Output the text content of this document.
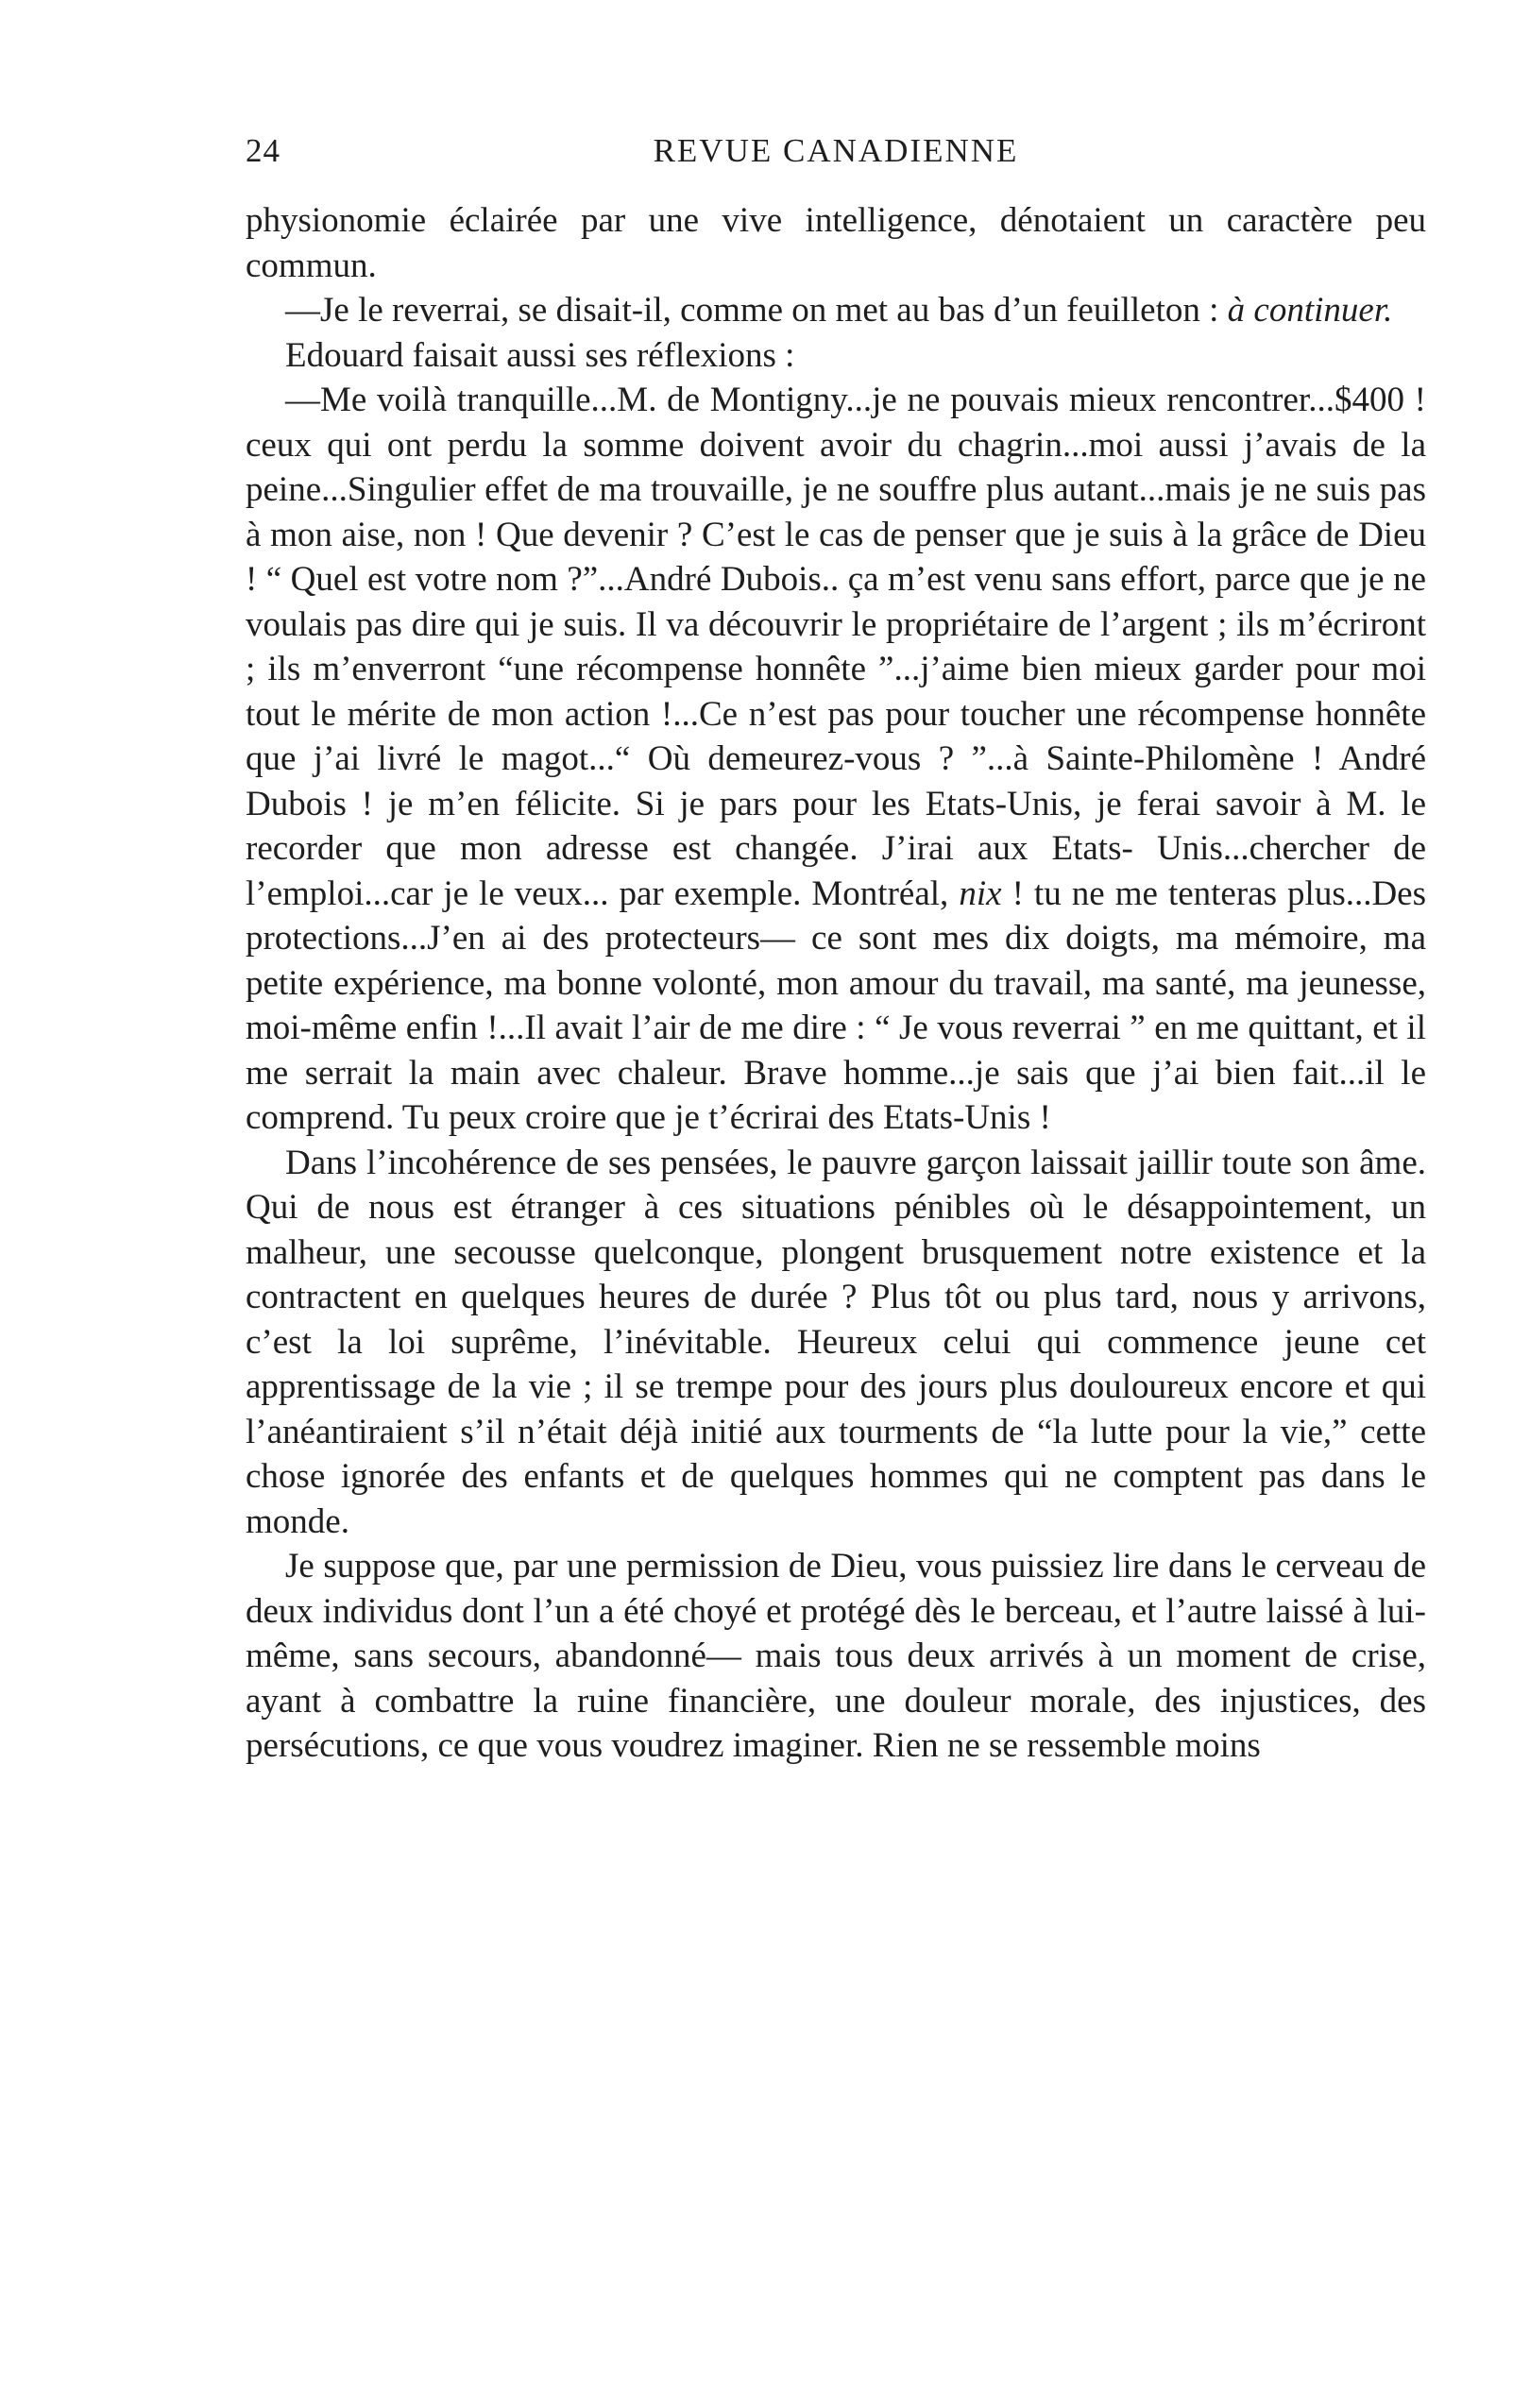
24	REVUE CANADIENNE

physionomie éclairée par une vive intelligence, dénotaient un caractère peu commun.

—Je le reverrai, se disait-il, comme on met au bas d’un feuilleton : à continuer.

Edouard faisait aussi ses réflexions :

—Me voilà tranquille...M. de Montigny...je ne pouvais mieux rencontrer...$400 ! ceux qui ont perdu la somme doivent avoir du chagrin...moi aussi j’avais de la peine...Singulier effet de ma trouvaille, je ne souffre plus autant...mais je ne suis pas à mon aise, non ! Que devenir ? C’est le cas de penser que je suis à la grâce de Dieu ! “ Quel est votre nom ?”...André Dubois.. ça m’est venu sans effort, parce que je ne voulais pas dire qui je suis. Il va découvrir le propriétaire de l’argent ; ils m’écriront ; ils m’enverront “une récompense honnête ”...j’aime bien mieux garder pour moi tout le mérite de mon action !...Ce n’est pas pour toucher une récompense honnête que j’ai livré le magot...“ Où demeurez-vous ? ”...à Sainte-Philomène ! André Dubois ! je m’en félicite. Si je pars pour les Etats-Unis, je ferai savoir à M. le recorder que mon adresse est changée. J’irai aux Etats- Unis...chercher de l’emploi...car je le veux... par exemple. Montréal, nix ! tu ne me tenteras plus...Des protections...J’en ai des protecteurs— ce sont mes dix doigts, ma mémoire, ma petite expérience, ma bonne volonté, mon amour du travail, ma santé, ma jeunesse, moi-même enfin !...Il avait l’air de me dire : “ Je vous reverrai ” en me quittant, et il me serrait la main avec chaleur. Brave homme...je sais que j’ai bien fait...il le comprend. Tu peux croire que je t’écrirai des Etats-Unis !

Dans l’incohérence de ses pensées, le pauvre garçon laissait jaillir toute son âme. Qui de nous est étranger à ces situations pénibles où le désappointement, un malheur, une secousse quelconque, plongent brusquement notre existence et la contractent en quelques heures de durée ? Plus tôt ou plus tard, nous y arrivons, c’est la loi suprême, l’inévitable. Heureux celui qui commence jeune cet apprentissage de la vie ; il se trempe pour des jours plus douloureux encore et qui l’anéantiraient s’il n’était déjà initié aux tourments de “la lutte pour la vie,” cette chose ignorée des enfants et de quelques hommes qui ne comptent pas dans le monde.

Je suppose que, par une permission de Dieu, vous puissiez lire dans le cerveau de deux individus dont l’un a été choyé et protégé dès le berceau, et l’autre laissé à lui-même, sans secours, abandonné— mais tous deux arrivés à un moment de crise, ayant à combattre la ruine financière, une douleur morale, des injustices, des persécutions, ce que vous voudrez imaginer. Rien ne se ressemble moins
